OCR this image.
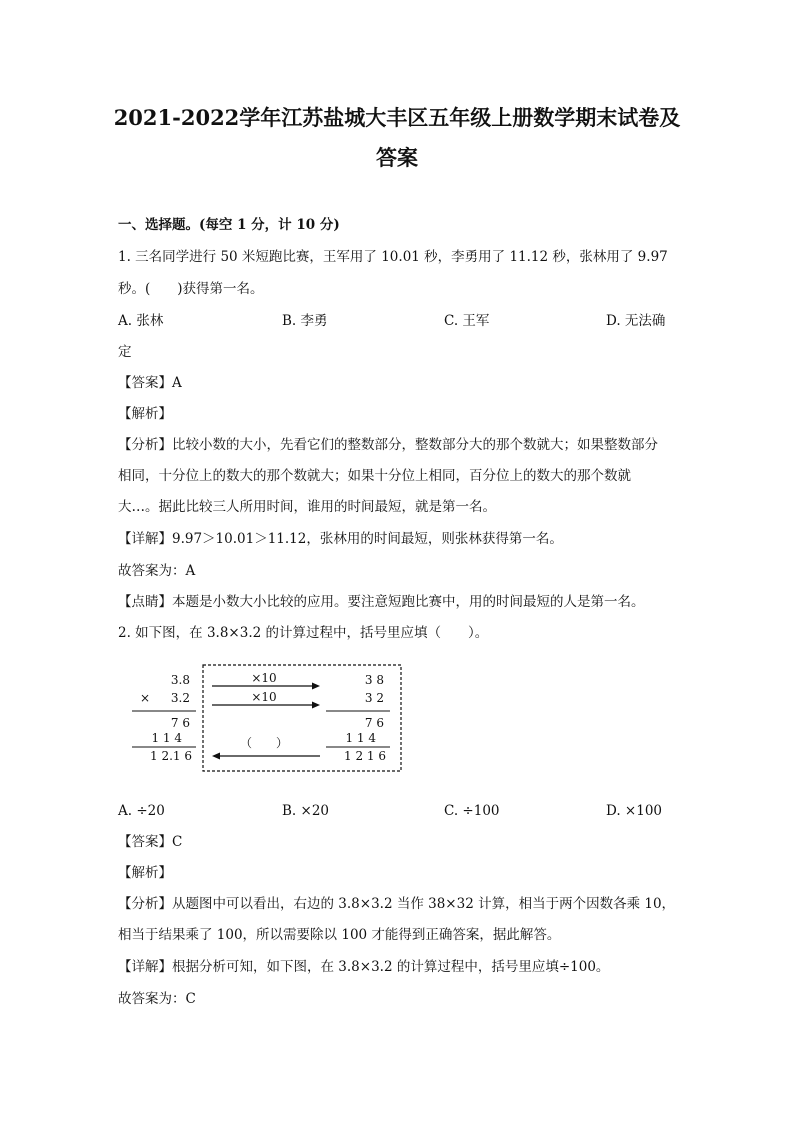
2021-2022学年江苏盐城大丰区五年级上册数学期末试卷及
答案
一、选择题。(每空 1 分，计 10 分)
1. 三名同学进行 50 米短跑比赛，王军用了 10.01 秒，李勇用了 11.12 秒，张林用了 9.97
秒。(　　)获得第一名。
A. 张林	B. 李勇	C. 王军	D. 无法确
定
【答案】A
【解析】
【分析】比较小数的大小，先看它们的整数部分，整数部分大的那个数就大；如果整数部分
相同，十分位上的数大的那个数就大；如果十分位上相同，百分位上的数大的那个数就
大…。据此比较三人所用时间，谁用的时间最短，就是第一名。
【详解】9.97＞10.01＞11.12，张林用的时间最短，则张林获得第一名。
故答案为：A
【点睛】本题是小数大小比较的应用。要注意短跑比赛中，用的时间最短的人是第一名。
2. 如下图，在 3.8×3.2 的计算过程中，括号里应填（　　）。
3.8
× 3.2
7 6
1 1 4
1 2.1 6
×10
×10
（　　）
3 8
3 2
7 6
1 1 4
1 2 1 6
A. ÷20	B. ×20	C. ÷100	D. ×100
【答案】C
【解析】
【分析】从题图中可以看出，右边的 3.8×3.2 当作 38×32 计算，相当于两个因数各乘 10，
相当于结果乘了 100，所以需要除以 100 才能得到正确答案，据此解答。
【详解】根据分析可知，如下图，在 3.8×3.2 的计算过程中，括号里应填÷100。
故答案为：C
